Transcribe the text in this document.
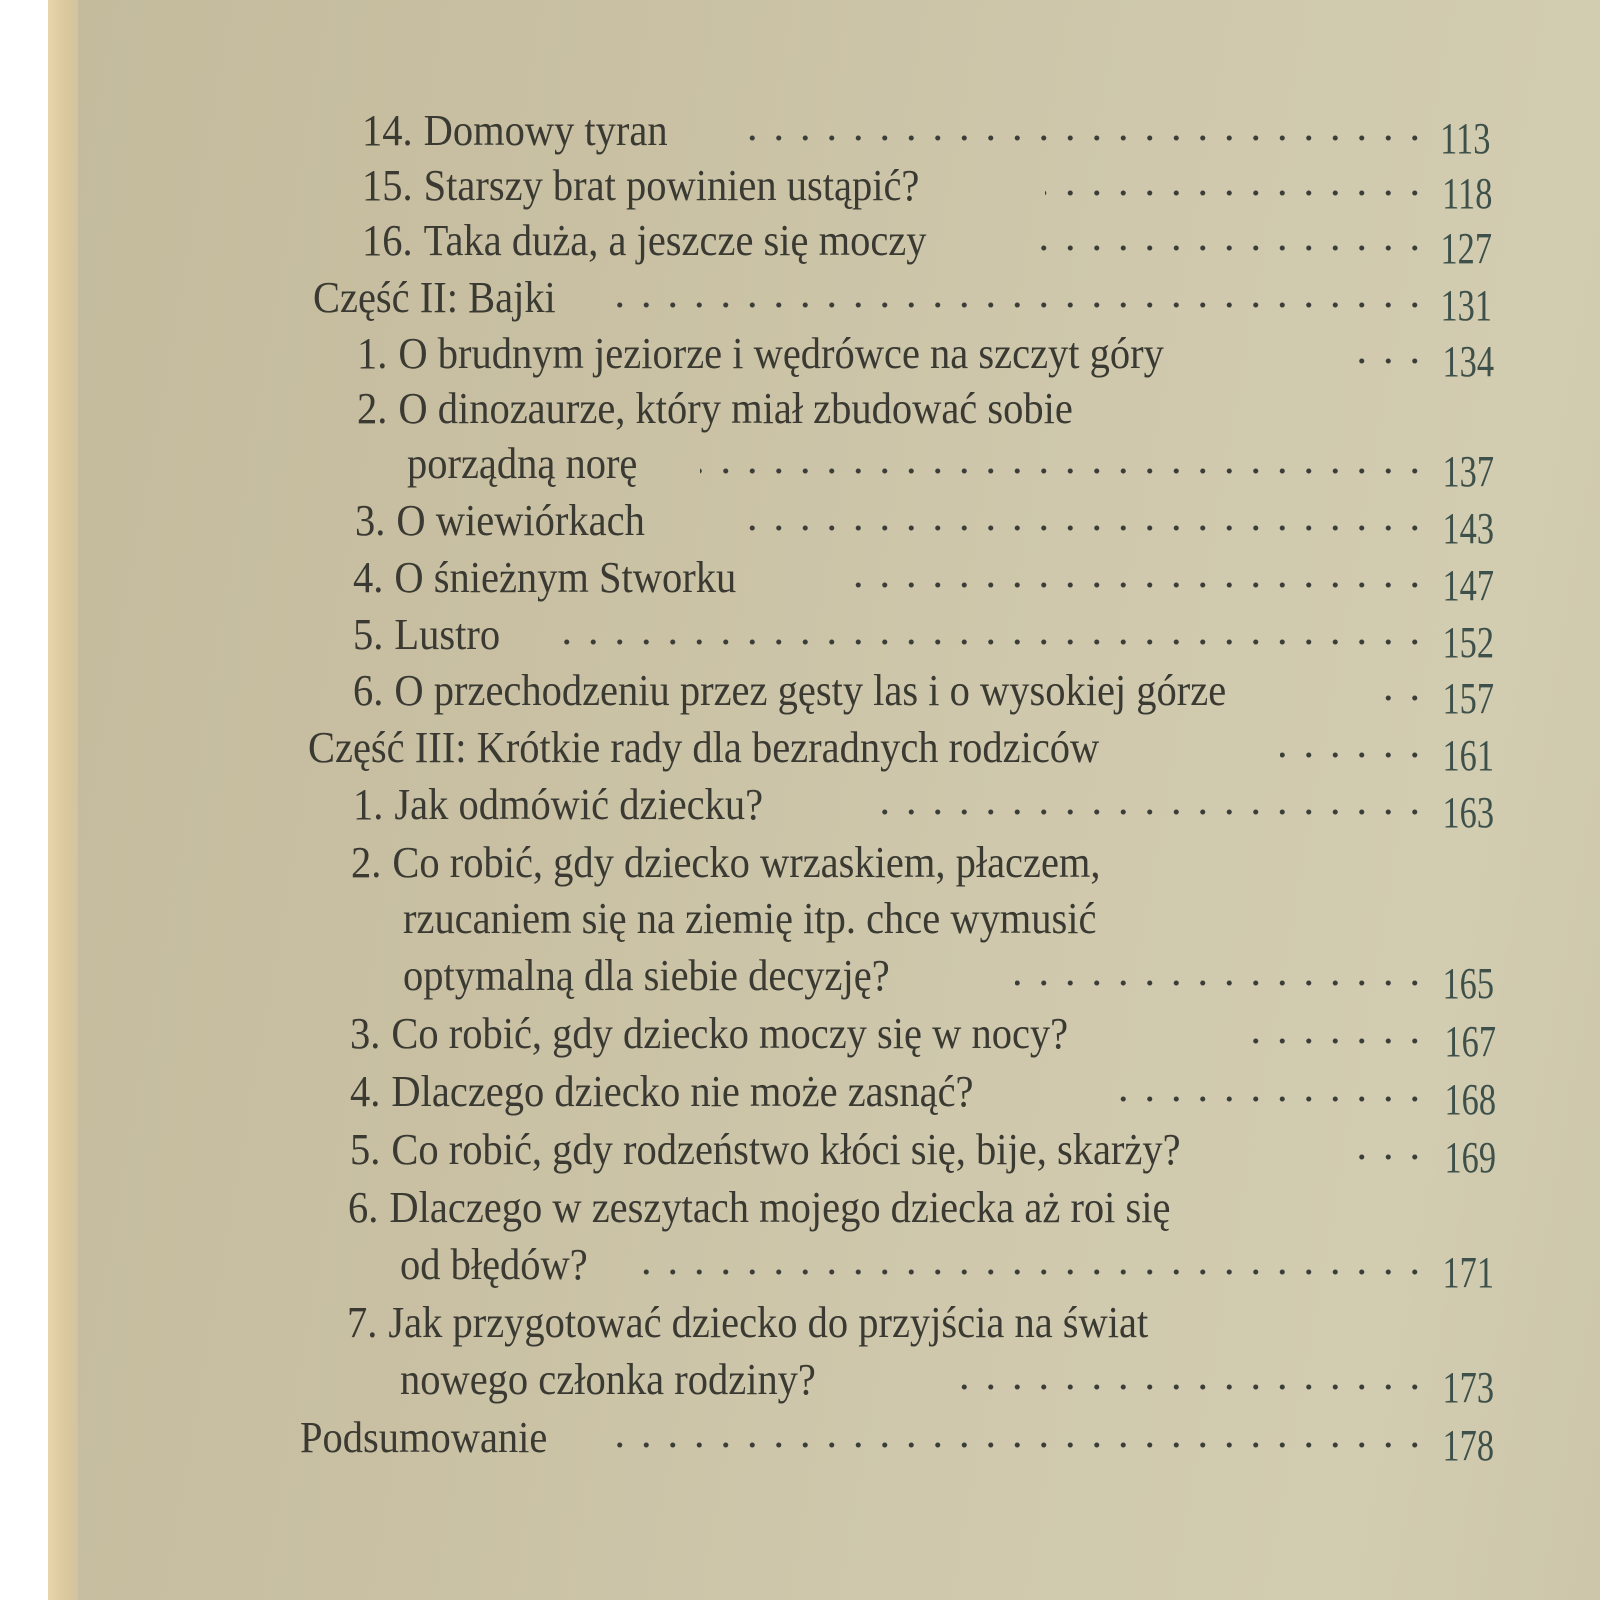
14. Domowy tyran	113
15. Starszy brat powinien ustąpić?	118
16. Taka duża, a jeszcze się moczy	127
Część II: Bajki	131
1. O brudnym jeziorze i wędrówce na szczyt góry	134
2. O dinozaurze, który miał zbudować sobie
porządną norę	137
3. O wiewiórkach	143
4. O śnieżnym Stworku	147
5. Lustro	152
6. O przechodzeniu przez gęsty las i o wysokiej górze	157
Część III: Krótkie rady dla bezradnych rodziców	161
1. Jak odmówić dziecku?	163
2. Co robić, gdy dziecko wrzaskiem, płaczem,
rzucaniem się na ziemię itp. chce wymusić
optymalną dla siebie decyzję?	165
3. Co robić, gdy dziecko moczy się w nocy?	167
4. Dlaczego dziecko nie może zasnąć?	168
5. Co robić, gdy rodzeństwo kłóci się, bije, skarży?	169
6. Dlaczego w zeszytach mojego dziecka aż roi się
od błędów?	171
7. Jak przygotować dziecko do przyjścia na świat
nowego członka rodziny?	173
Podsumowanie	178
